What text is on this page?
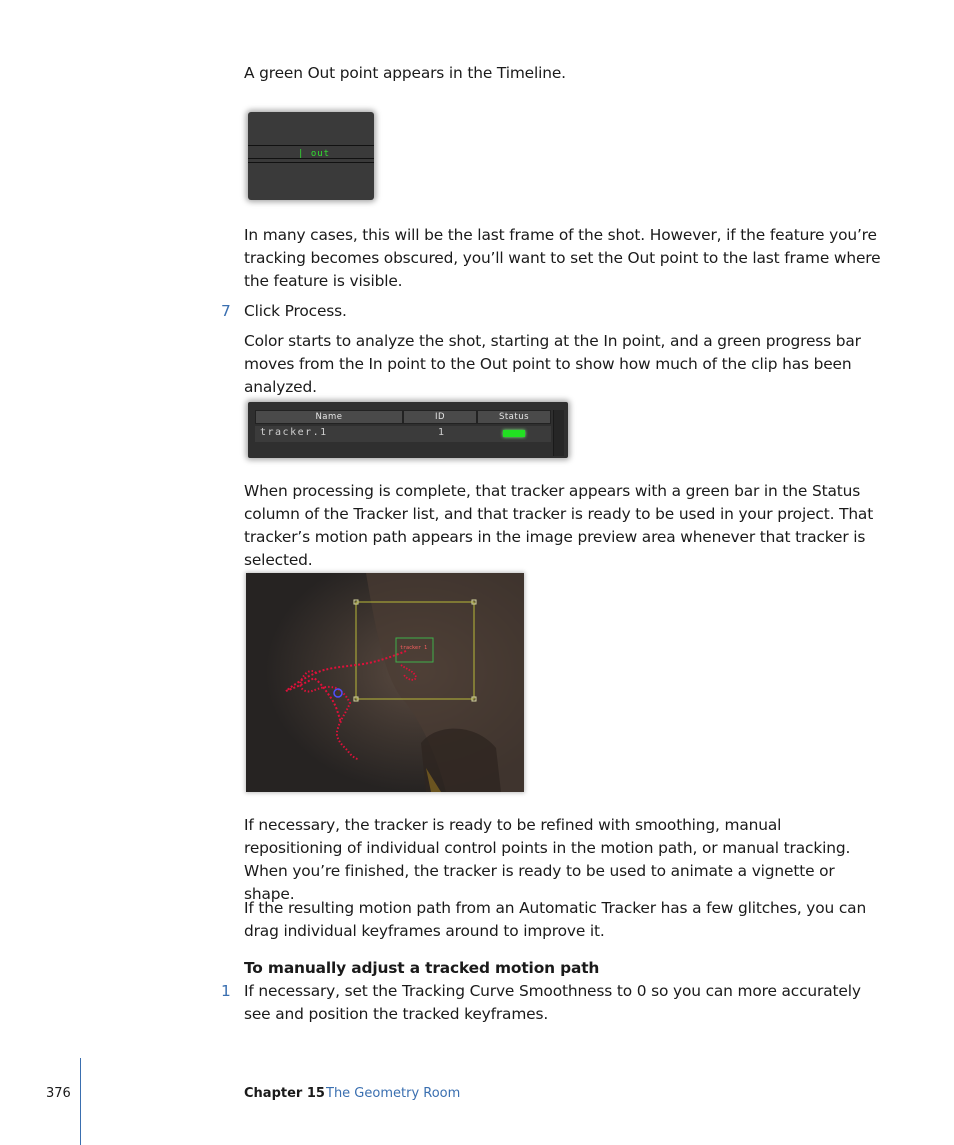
A green Out point appears in the Timeline.

| out

In many cases, this will be the last frame of the shot. However, if the feature you’re tracking becomes obscured, you’ll want to set the Out point to the last frame where the feature is visible.

7 Click Process.

Color starts to analyze the shot, starting at the In point, and a green progress bar moves from the In point to the Out point to show how much of the clip has been analyzed.

Name	ID	Status
tracker.1	1

When processing is complete, that tracker appears with a green bar in the Status column of the Tracker list, and that tracker is ready to be used in your project. That tracker’s motion path appears in the image preview area whenever that tracker is selected.

tracker 1

If necessary, the tracker is ready to be refined with smoothing, manual repositioning of individual control points in the motion path, or manual tracking. When you’re finished, the tracker is ready to be used to animate a vignette or shape.

If the resulting motion path from an Automatic Tracker has a few glitches, you can drag individual keyframes around to improve it.

To manually adjust a tracked motion path

1 If necessary, set the Tracking Curve Smoothness to 0 so you can more accurately see and position the tracked keyframes.

376	Chapter 15 The Geometry Room
